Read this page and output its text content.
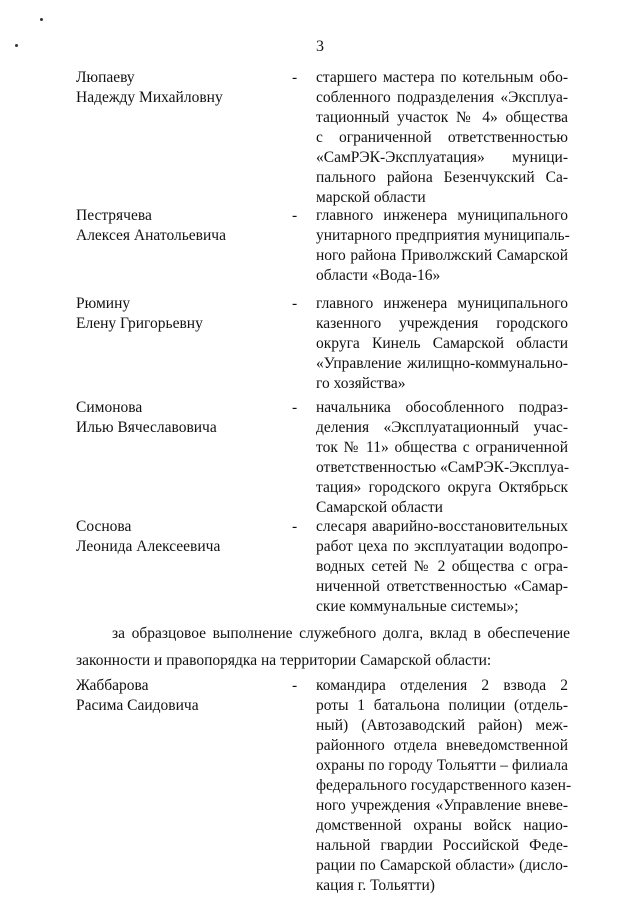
3
Люпаеву
Надежду Михайловну
- старшего мастера по котельным обо-
собленного подразделения «Эксплуа-
тационный участок № 4» общества
с ограниченной ответственностью
«СамРЭК-Эксплуатация» муници-
пального района Безенчукский Са-
марской области
Пестрячева
Алексея Анатольевича
- главного инженера муниципального
унитарного предприятия муниципаль-
ного района Приволжский Самарской
области «Вода-16»
Рюмину
Елену Григорьевну
- главного инженера муниципального
казенного учреждения городского
округа Кинель Самарской области
«Управление жилищно-коммунально-
го хозяйства»
Симонова
Илью Вячеславовича
- начальника обособленного подраз-
деления «Эксплуатационный учас-
ток № 11» общества с ограниченной
ответственностью «СамРЭК-Эксплуа-
тация» городского округа Октябрьск
Самарской области
Соснова
Леонида Алексеевича
- слесаря аварийно-восстановительных
работ цеха по эксплуатации водопро-
водных сетей № 2 общества с огра-
ниченной ответственностью «Самар-
ские коммунальные системы»;
за образцовое выполнение служебного долга, вклад в обеспечение
законности и правопорядка на территории Самарской области:
Жаббарова
Расима Саидовича
- командира отделения 2 взвода 2
роты 1 батальона полиции (отдель-
ный) (Автозаводский район) меж-
районного отдела вневедомственной
охраны по городу Тольятти – филиала
федерального государственного казен-
ного учреждения «Управление вневе-
домственной охраны войск нацио-
нальной гвардии Российской Феде-
рации по Самарской области» (дисло-
кация г. Тольятти)
